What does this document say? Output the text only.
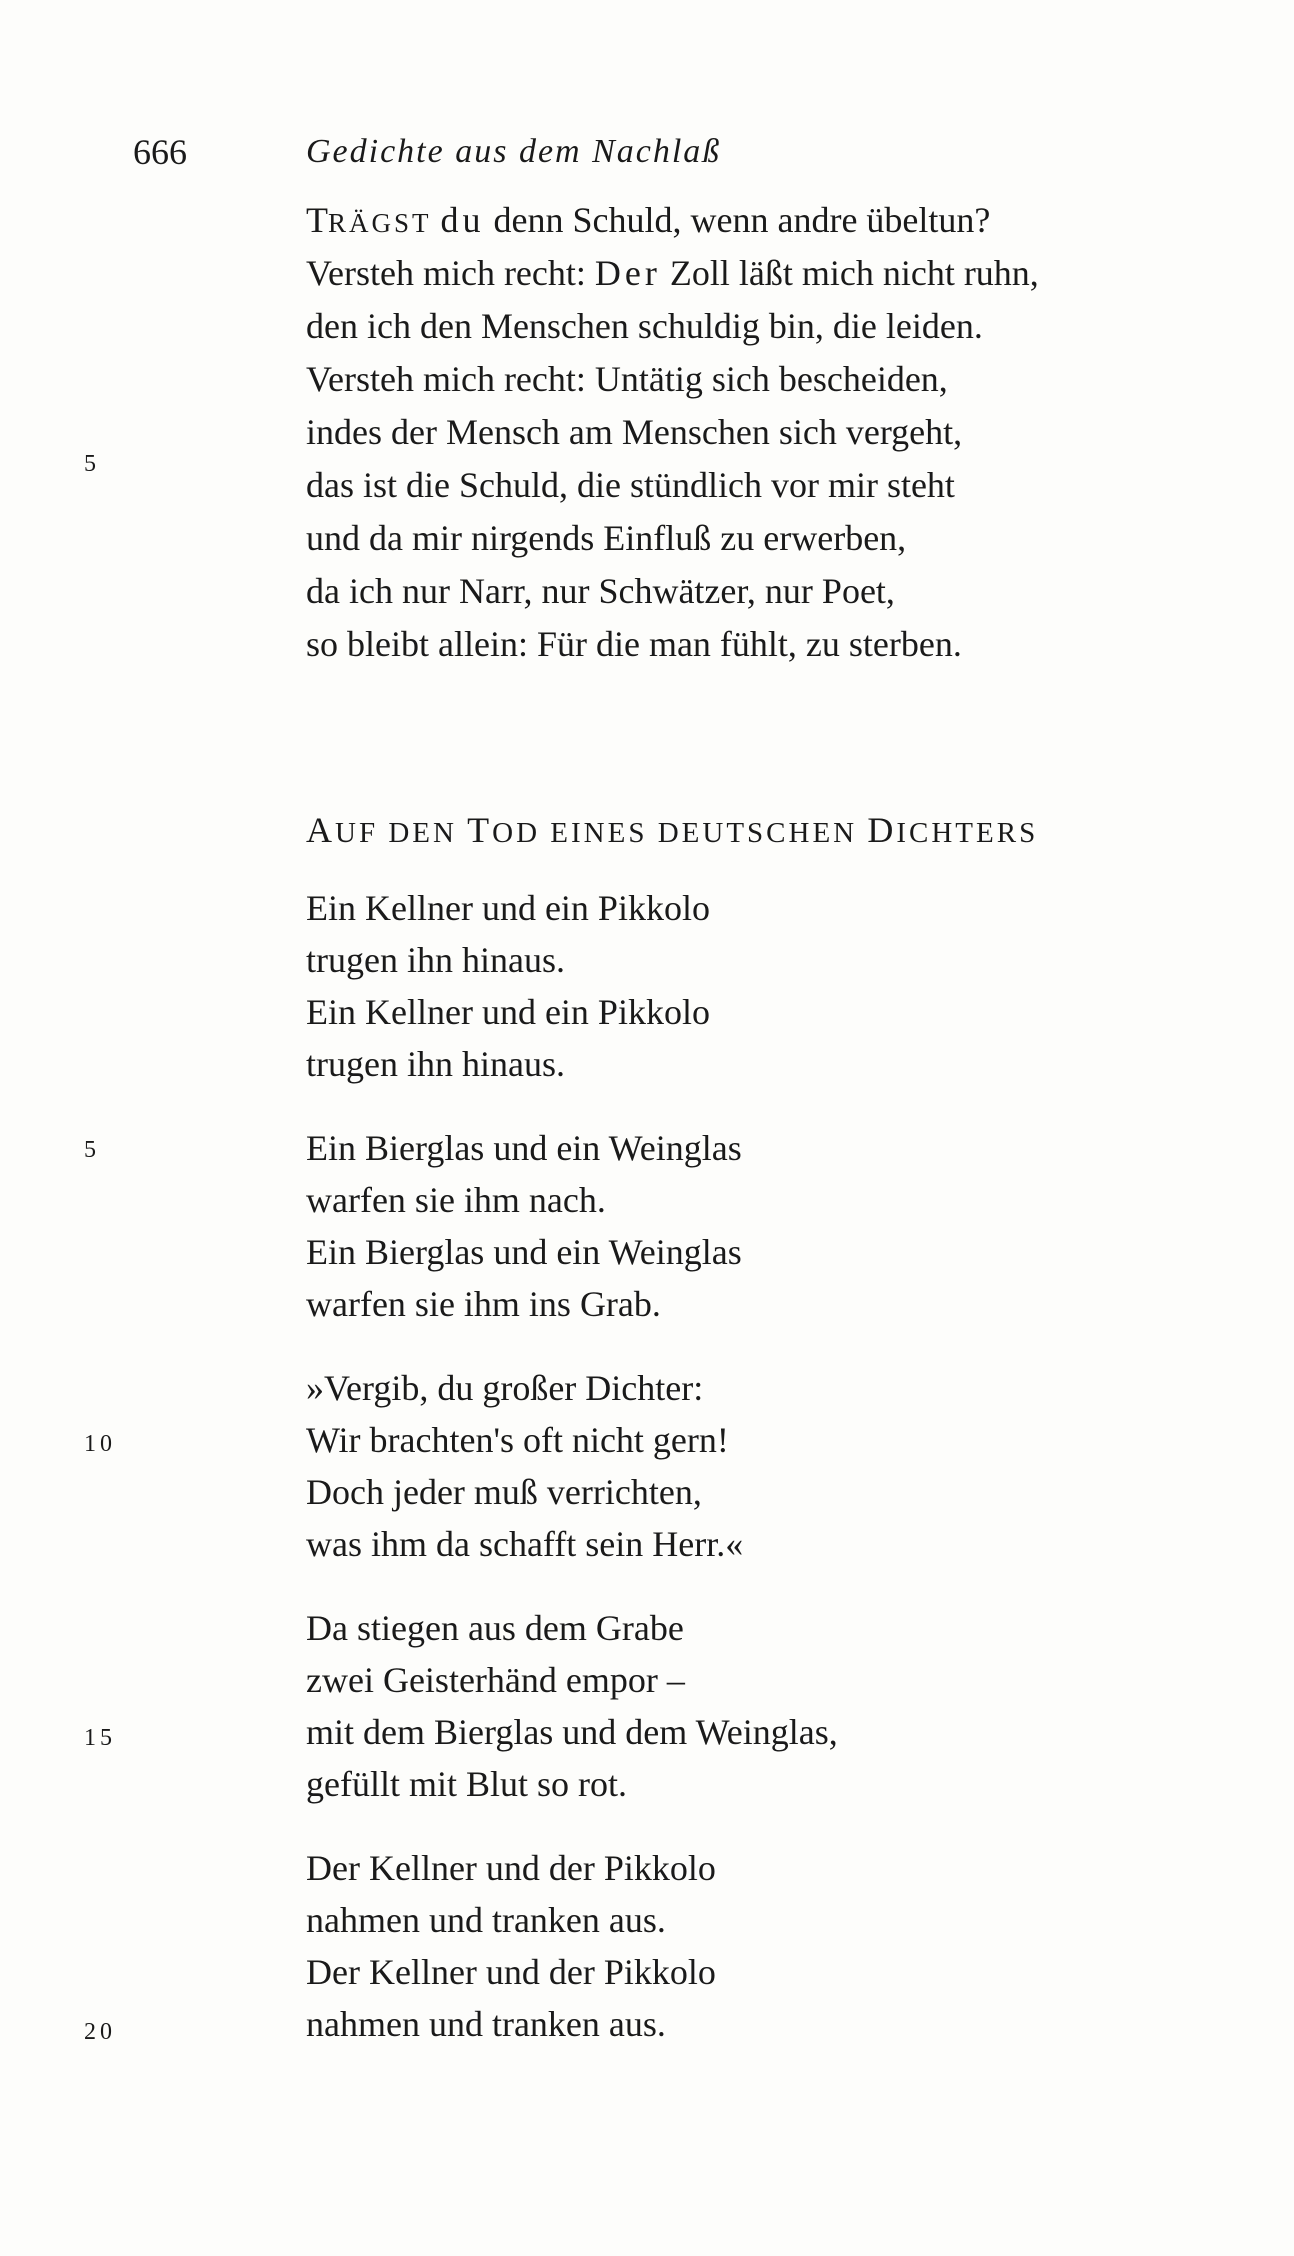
666	Gedichte aus dem Nachlaß
TRÄGST du denn Schuld, wenn andre übeltun?
Versteh mich recht: Der Zoll läßt mich nicht ruhn,
den ich den Menschen schuldig bin, die leiden.
Versteh mich recht: Untätig sich bescheiden,
indes der Mensch am Menschen sich vergeht,
das ist die Schuld, die stündlich vor mir steht
und da mir nirgends Einfluß zu erwerben,
da ich nur Narr, nur Schwätzer, nur Poet,
so bleibt allein: Für die man fühlt, zu sterben.
5
AUF DEN TOD EINES DEUTSCHEN DICHTERS
Ein Kellner und ein Pikkolo
trugen ihn hinaus.
Ein Kellner und ein Pikkolo
trugen ihn hinaus.
Ein Bierglas und ein Weinglas
warfen sie ihm nach.
Ein Bierglas und ein Weinglas
warfen sie ihm ins Grab.
»Vergib, du großer Dichter:
Wir brachten's oft nicht gern!
Doch jeder muß verrichten,
was ihm da schafft sein Herr.«
Da stiegen aus dem Grabe
zwei Geisterhänd empor –
mit dem Bierglas und dem Weinglas,
gefüllt mit Blut so rot.
Der Kellner und der Pikkolo
nahmen und tranken aus.
Der Kellner und der Pikkolo
nahmen und tranken aus.
5
10
15
20
